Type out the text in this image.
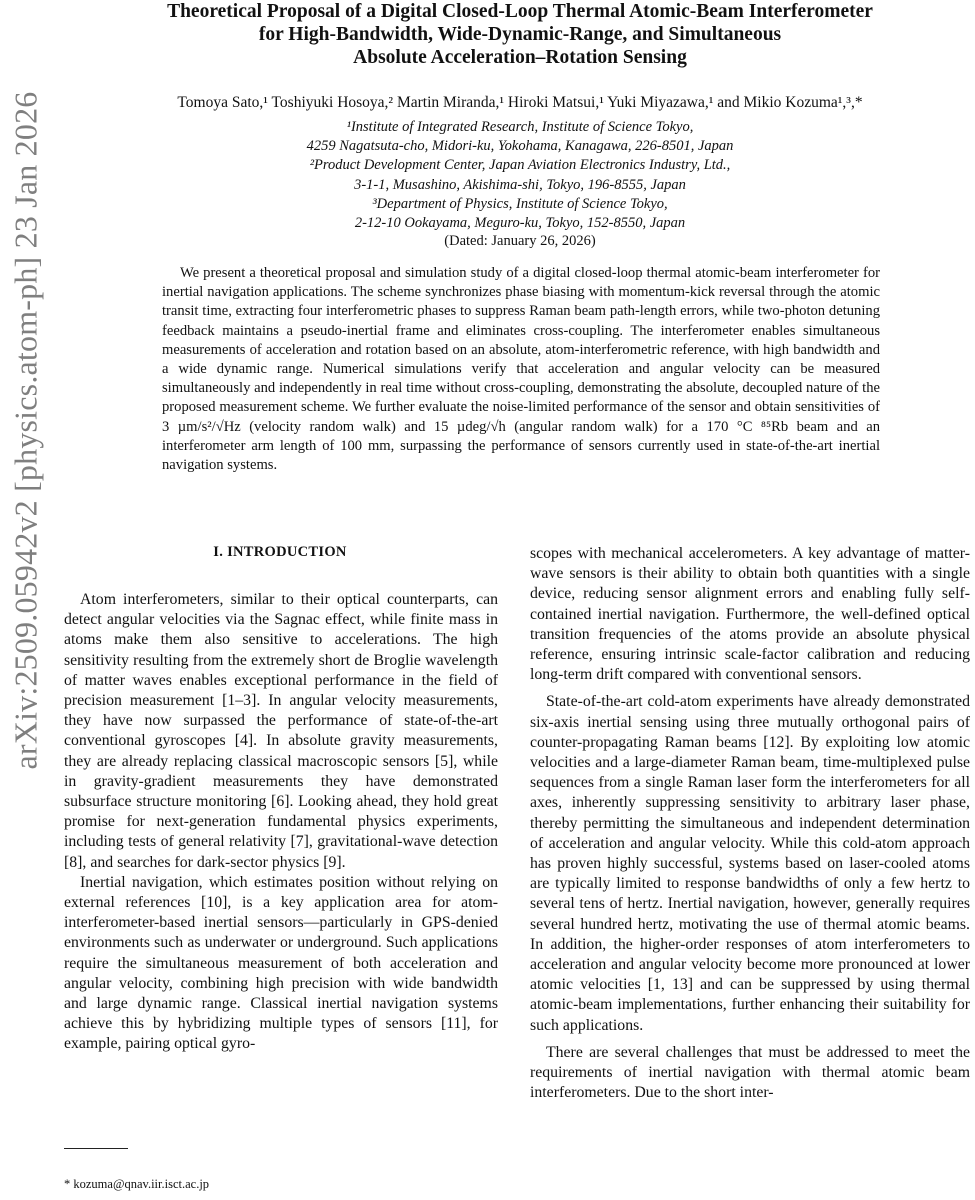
arXiv:2509.05942v2 [physics.atom-ph] 23 Jan 2026
Theoretical Proposal of a Digital Closed-Loop Thermal Atomic-Beam Interferometer
for High-Bandwidth, Wide-Dynamic-Range, and Simultaneous
Absolute Acceleration–Rotation Sensing
Tomoya Sato,¹ Toshiyuki Hosoya,² Martin Miranda,¹ Hiroki Matsui,¹ Yuki Miyazawa,¹ and Mikio Kozuma¹,³,*
¹Institute of Integrated Research, Institute of Science Tokyo,
4259 Nagatsuta-cho, Midori-ku, Yokohama, Kanagawa, 226-8501, Japan
²Product Development Center, Japan Aviation Electronics Industry, Ltd.,
3-1-1, Musashino, Akishima-shi, Tokyo, 196-8555, Japan
³Department of Physics, Institute of Science Tokyo,
2-12-10 Ookayama, Meguro-ku, Tokyo, 152-8550, Japan
(Dated: January 26, 2026)

We present a theoretical proposal and simulation study of a digital closed-loop thermal atomic-beam interferometer for inertial navigation applications. The scheme synchronizes phase biasing with momentum-kick reversal through the atomic transit time, extracting four interferometric phases to suppress Raman beam path-length errors, while two-photon detuning feedback maintains a pseudo-inertial frame and eliminates cross-coupling. The interferometer enables simultaneous measurements of acceleration and rotation based on an absolute, atom-interferometric reference, with high bandwidth and a wide dynamic range. Numerical simulations verify that acceleration and angular velocity can be measured simultaneously and independently in real time without cross-coupling, demonstrating the absolute, decoupled nature of the proposed measurement scheme. We further evaluate the noise-limited performance of the sensor and obtain sensitivities of 3 µm/s²/√Hz (velocity random walk) and 15 µdeg/√h (angular random walk) for a 170 °C ⁸⁵Rb beam and an interferometer arm length of 100 mm, surpassing the performance of sensors currently used in state-of-the-art inertial navigation systems.

I. INTRODUCTION

Atom interferometers, similar to their optical counterparts, can detect angular velocities via the Sagnac effect, while finite mass in atoms make them also sensitive to accelerations. The high sensitivity resulting from the extremely short de Broglie wavelength of matter waves enables exceptional performance in the field of precision measurement [1–3]. In angular velocity measurements, they have now surpassed the performance of state-of-the-art conventional gyroscopes [4]. In absolute gravity measurements, they are already replacing classical macroscopic sensors [5], while in gravity-gradient measurements they have demonstrated subsurface structure monitoring [6]. Looking ahead, they hold great promise for next-generation fundamental physics experiments, including tests of general relativity [7], gravitational-wave detection [8], and searches for dark-sector physics [9].

Inertial navigation, which estimates position without relying on external references [10], is a key application area for atom-interferometer-based inertial sensors—particularly in GPS-denied environments such as underwater or underground. Such applications require the simultaneous measurement of both acceleration and angular velocity, combining high precision with wide bandwidth and large dynamic range. Classical inertial navigation systems achieve this by hybridizing multiple types of sensors [11], for example, pairing optical gyro-

scopes with mechanical accelerometers. A key advantage of matter-wave sensors is their ability to obtain both quantities with a single device, reducing sensor alignment errors and enabling fully self-contained inertial navigation. Furthermore, the well-defined optical transition frequencies of the atoms provide an absolute physical reference, ensuring intrinsic scale-factor calibration and reducing long-term drift compared with conventional sensors.

State-of-the-art cold-atom experiments have already demonstrated six-axis inertial sensing using three mutually orthogonal pairs of counter-propagating Raman beams [12]. By exploiting low atomic velocities and a large-diameter Raman beam, time-multiplexed pulse sequences from a single Raman laser form the interferometers for all axes, inherently suppressing sensitivity to arbitrary laser phase, thereby permitting the simultaneous and independent determination of acceleration and angular velocity. While this cold-atom approach has proven highly successful, systems based on laser-cooled atoms are typically limited to response bandwidths of only a few hertz to several tens of hertz. Inertial navigation, however, generally requires several hundred hertz, motivating the use of thermal atomic beams. In addition, the higher-order responses of atom interferometers to acceleration and angular velocity become more pronounced at lower atomic velocities [1, 13] and can be suppressed by using thermal atomic-beam implementations, further enhancing their suitability for such applications.

There are several challenges that must be addressed to meet the requirements of inertial navigation with thermal atomic beam interferometers. Due to the short inter-

* kozuma@qnav.iir.isct.ac.jp
